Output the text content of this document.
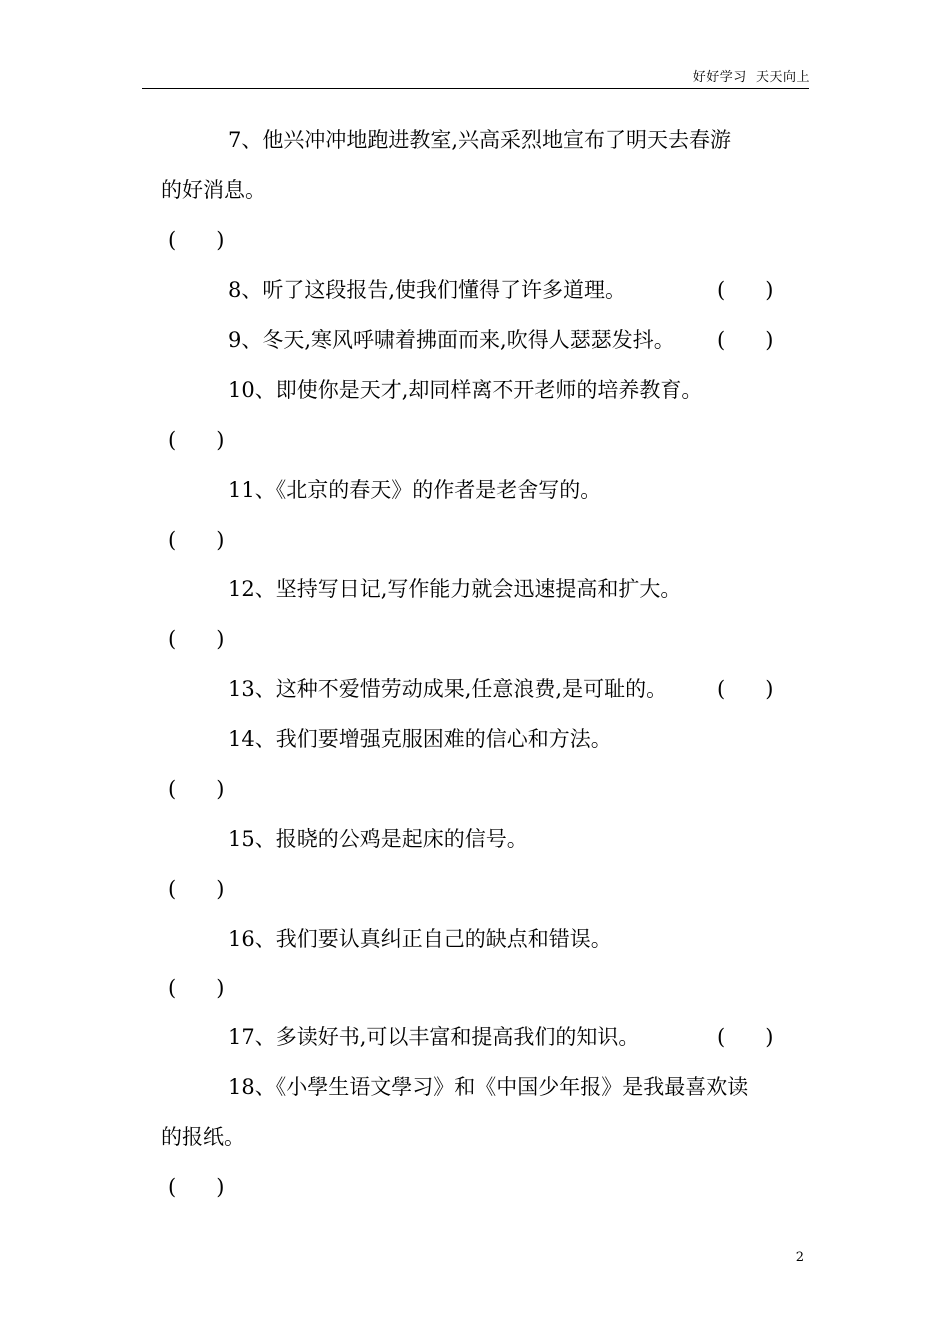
好好学习  天天向上
7、他兴冲冲地跑进教室,兴高采烈地宣布了明天去春游
的好消息。
(      )
8、听了这段报告,使我们懂得了许多道理。	(      )
9、冬天,寒风呼啸着拂面而来,吹得人瑟瑟发抖。 (      )
10、即使你是天才,却同样离不开老师的培养教育。
(      )
11、《北京的春天》的作者是老舍写的。
(      )
12、坚持写日记,写作能力就会迅速提高和扩大。
(      )
13、这种不爱惜劳动成果,任意浪费,是可耻的。 (      )
14、我们要增强克服困难的信心和方法。
(      )
15、报晓的公鸡是起床的信号。
(      )
16、我们要认真纠正自己的缺点和错误。
(      )
17、多读好书,可以丰富和提高我们的知识。	(      )
18、《小學生语文學习》和《中国少年报》是我最喜欢读
的报纸。
(      )
2
